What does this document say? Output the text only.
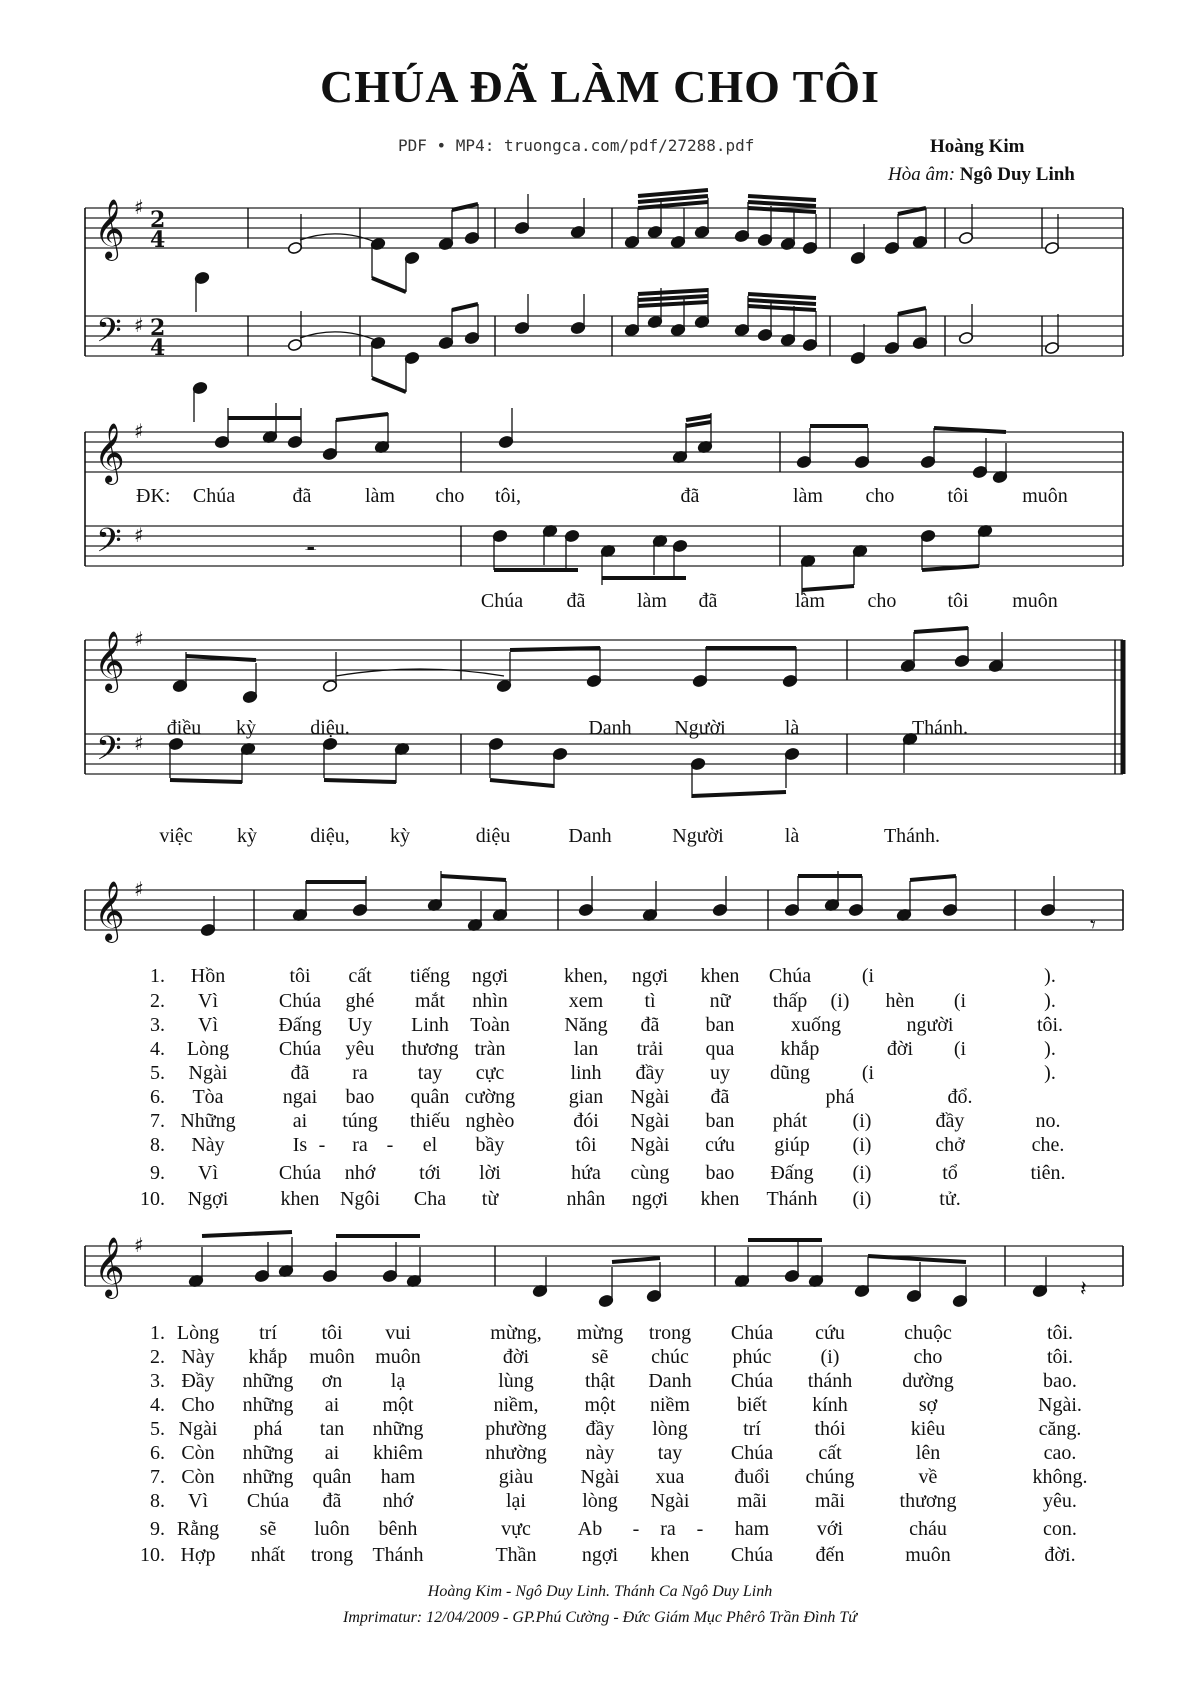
CHÚA ĐÃ LÀM CHO TÔI
PDF • MP4: truongca.com/pdf/27288.pdf	Hoàng Kim
Hòa âm: Ngô Duy Linh
𝄞
𝄢
♯
♯
2
4
2
4
𝄞
𝄢
♯
♯	𝄼
𝄞
𝄢
♯
♯
𝄞 ♯
𝄾
𝄞 ♯
𝄽
ĐK: Chúa	đã	làm cho tôi,	đã	làm cho	tôi	muôn
Chúa đã	làm đã	làm cho	tôi muôn
điều kỳ	diệu.	Danh Người	là	Thánh.
việc kỳ	diệu, kỳ	diệu	Danh	Người	là	Thánh.
1. Hồn	tôi cất tiếng ngợi	khen, ngợi khen Chúa	(i	).
2. Vì	Chúa ghé mắt nhìn	xem tì	nữ thấp (i) hèn (i	).
3. Vì	Đấng Uy Linh Toàn	Năng đã ban	xuống	người	tôi.
4. Lòng Chúa yêu thương tràn	lan trải qua khắp	đời (i	).
5. Ngài	đã ra	tay cực	linh đầy uy dũng	(i	).
6. Tòa	ngai bao quân cường	gian Ngài đã	phá	đổ.
7. Những	ai túng thiếu nghèo	đói Ngài ban phát (i)	đầy	no.
8. Này	Is - ra - el bầy	tôi Ngài cứu giúp (i)	chở	che.
9. Vì	Chúa nhớ tới lời	hứa cùng bao Đấng (i)	tổ	tiên.
10. Ngợi	khen Ngôi Cha từ	nhân ngợi khen Thánh (i)	tử.
1. Lòng trí tôi vui	mừng, mừng trong Chúa cứu	chuộc	tôi.
2. Này khắp muôn muôn	đời	sẽ chúc phúc (i)	cho	tôi.
3. Đầy những ơn lạ	lùng	thật Danh Chúa thánh	dường	bao.
4. Cho những ai một	niềm, một niềm biết kính	sợ	Ngài.
5. Ngài phá tan những	phường đầy lòng	trí	thói	kiêu	căng.
6. Còn những ai khiêm	nhường này tay Chúa cất	lên	cao.
7. Còn những quân ham	giàu Ngài xua đuổi chúng	về	không.
8. Vì Chúa đã nhớ	lại	lòng Ngài mãi mãi	thương	yêu.
9. Rằng sẽ luôn bênh	vực Ab - ra - ham với	cháu	con.
10. Hợp nhất trong Thánh	Thần ngợi khen Chúa đến	muôn	đời.
Hoàng Kim - Ngô Duy Linh. Thánh Ca Ngô Duy Linh
Imprimatur: 12/04/2009 - GP.Phú Cường - Đức Giám Mục Phêrô Trần Đình Tứ
